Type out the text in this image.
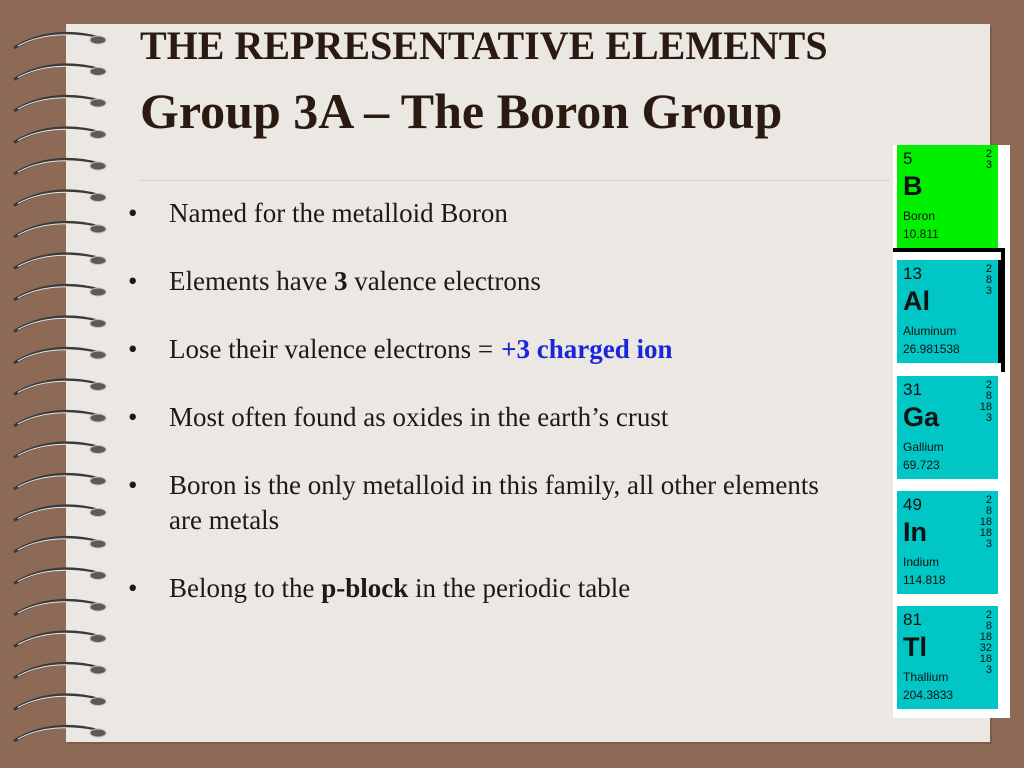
THE REPRESENTATIVE ELEMENTS
Group 3A – The Boron Group
• Named for the metalloid Boron
• Elements have 3 valence electrons
• Lose their valence electrons = +3 charged ion
• Most often found as oxides in the earth’s crust
• Boron is the only metalloid in this family, all other elements are metals
• Belong to the p-block in the periodic table
5
B
Boron
10.811
2
3
13
Al
Aluminum
26.981538
2
8
3
31
Ga
Gallium
69.723
2
8
18
3
49
In
Indium
114.818
2
8
18
18
3
81
Tl
Thallium
204.3833
2
8
18
32
18
3
